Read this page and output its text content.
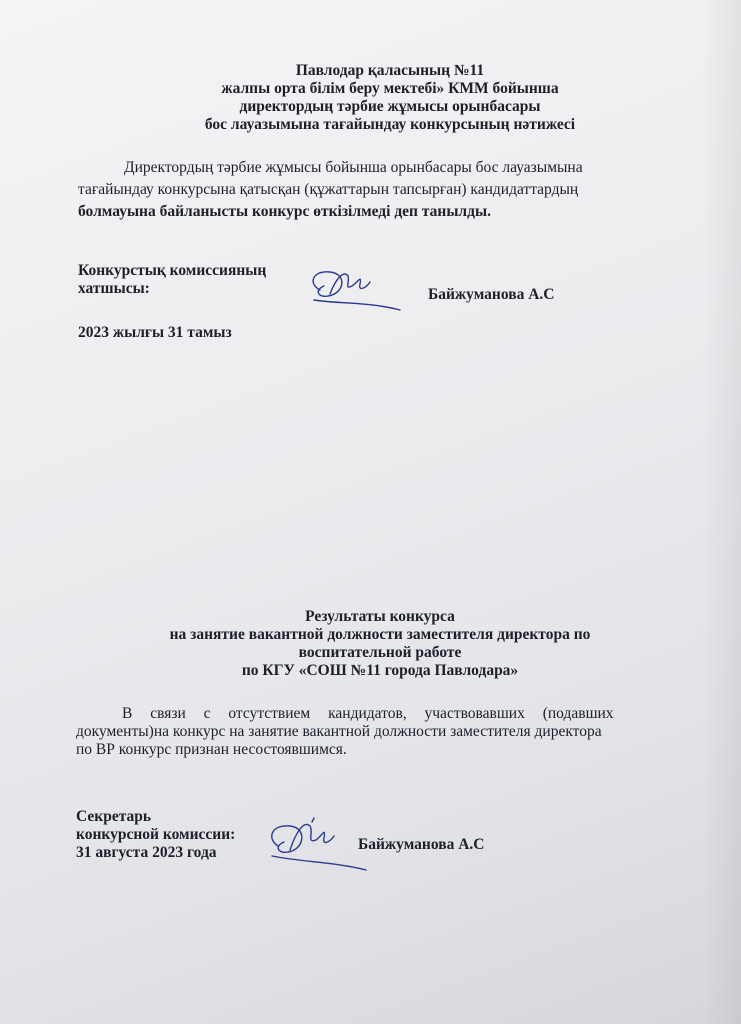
Павлодар қаласының №11
жалпы орта білім беру мектебі» КММ бойынша
директордың тәрбие жұмысы орынбасары
бос лауазымына тағайындау конкурсының нәтижесі
Директордың тәрбие жұмысы бойынша орынбасары бос лауазымына
тағайындау конкурсына қатысқан (құжаттарын тапсырған) кандидаттардың
болмауына байланысты конкурс өткізілмеді деп танылды.
Конкурстық комиссияның
хатшысы:	Байжуманова А.С
2023 жылғы 31 тамыз
Результаты конкурса
на занятие вакантной должности заместителя директора по
воспитательной работе
по КГУ «СОШ №11 города Павлодара»
В связи с отсутствием кандидатов, участвовавших (подавших
документы)на конкурс на занятие вакантной должности заместителя директора
по ВР конкурс признан несостоявшимся.
Секретарь
конкурсной комиссии:
31 августа 2023 года	Байжуманова А.С
